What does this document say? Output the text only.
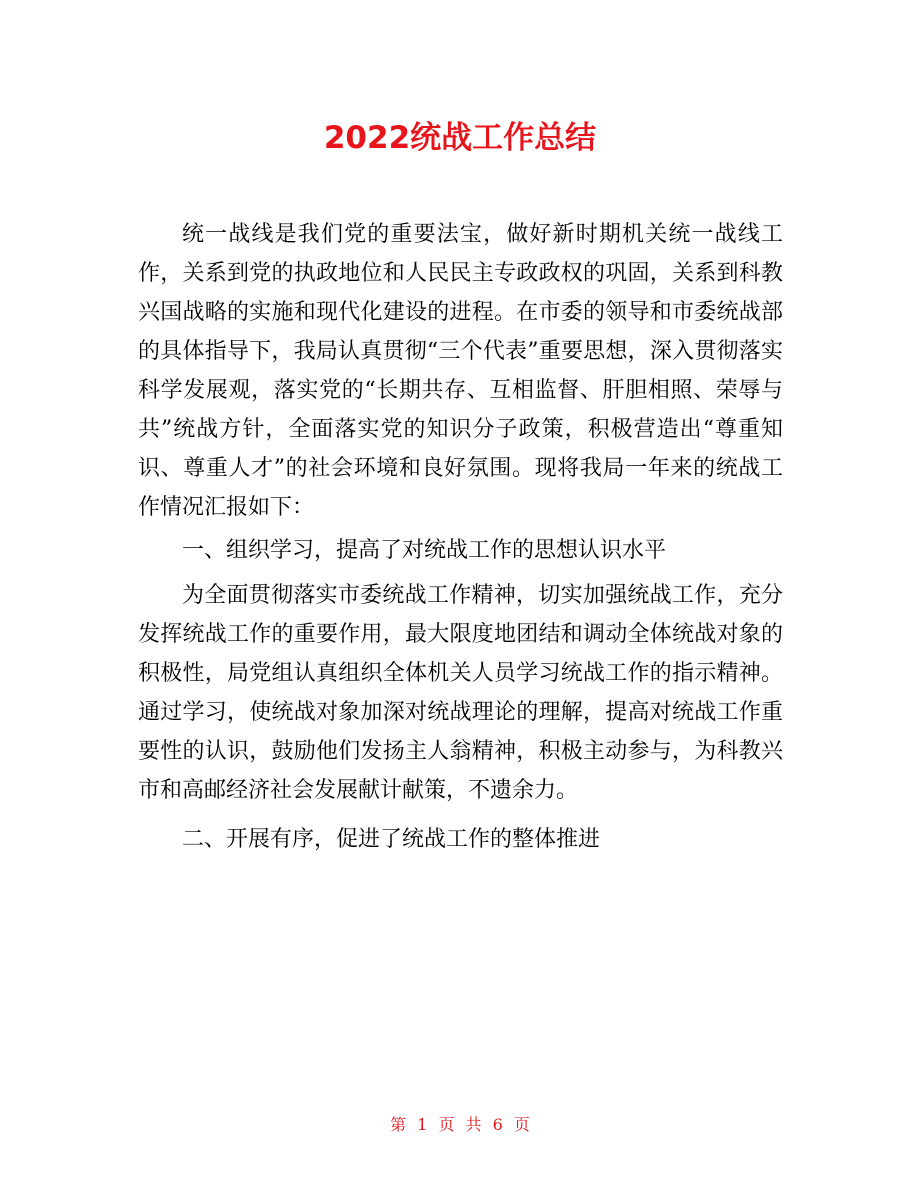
2022统战工作总结

统一战线是我们党的重要法宝，做好新时期机关统一战线工作，关系到党的执政地位和人民民主专政政权的巩固，关系到科教兴国战略的实施和现代化建设的进程。在市委的领导和市委统战部的具体指导下，我局认真贯彻“三个代表”重要思想，深入贯彻落实科学发展观，落实党的“长期共存、互相监督、肝胆相照、荣辱与共”统战方针，全面落实党的知识分子政策，积极营造出“尊重知识、尊重人才”的社会环境和良好氛围。现将我局一年来的统战工作情况汇报如下：

一、组织学习，提高了对统战工作的思想认识水平

为全面贯彻落实市委统战工作精神，切实加强统战工作，充分发挥统战工作的重要作用，最大限度地团结和调动全体统战对象的积极性，局党组认真组织全体机关人员学习统战工作的指示精神。通过学习，使统战对象加深对统战理论的理解，提高对统战工作重要性的认识，鼓励他们发扬主人翁精神，积极主动参与，为科教兴市和高邮经济社会发展献计献策，不遗余力。

二、开展有序，促进了统战工作的整体推进

第 1 页 共 6 页
